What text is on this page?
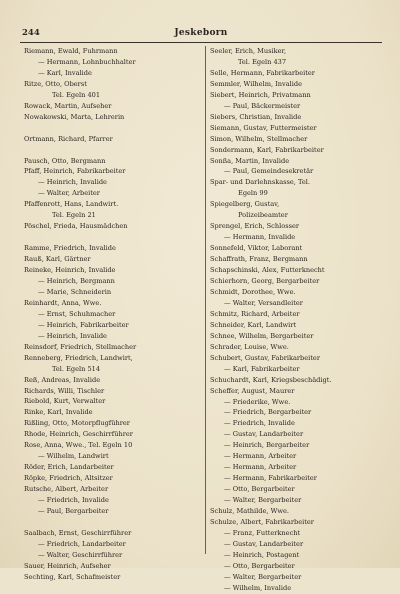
244	Jeskeborn
Riemann, Ewald, Fuhrmann
— Hermann, Lohnbuchhalter
— Karl, Invalide
Ritze, Otto, Oberst
Tel. Egeln 401
Rowack, Martin, Aufseher
Nowakowski, Marta, Lehrerin
Ortmann, Richard, Pfarrer
Pausch, Otto, Bergmann
Pfaff, Heinrich, Fabrikarbeiter
— Heinrich, Invalide
— Walter, Arbeiter
Pfaffenrott, Hans, Landwirt.
Tel. Egeln 21
Pöschel, Frieda, Hausmädchen
Ramme, Friedrich, Invalide
Rauß, Karl, Gärtner
Reineke, Heinrich, Invalide
— Heinrich, Bergmann
— Marie, Schneiderin
Reinhardt, Anna, Wwe.
— Ernst, Schuhmacher
— Heinrich, Fabrikarbeiter
— Heinrich, Invalide
Reinsdorf, Friedrich, Stellmacher
Renneberg, Friedrich, Landwirt,
Tel. Egeln 514
Reß, Andreas, Invalide
Richards, Willi, Tischler
Riebold, Kurt, Verwalter
Rinke, Karl, Invalide
Rißling, Otto, Motorpflugführer
Rhode, Heinrich, Geschirrführer
Rose, Anna, Wwe., Tel. Egeln 10
— Wilhelm, Landwirt
Röder, Erich, Landarbeiter
Röpke, Friedrich, Altsitzer
Rutsche, Albert, Arbeiter
— Friedrich, Invalide
— Paul, Bergarbeiter
Saalbach, Ernst, Geschirrführer
— Friedrich, Landarbeiter
— Walter, Geschirrführer
Sauer, Heinrich, Aufseher
Sechting, Karl, Schafmeister
Seeler, Erich, Musiker,
Tel. Egeln 437
Selle, Hermann, Fabrikarbeiter
Semmler, Wilhelm, Invalide
Siebert, Heinrich, Privatmann
— Paul, Bäckermeister
Siebers, Christian, Invalide
Siemann, Gustav, Futtermeister
Simon, Wilhelm, Stellmacher
Sondermann, Karl, Fabrikarbeiter
Sonßa, Martin, Invalide
— Paul, Gemeindesekretär
Spar- und Darlehnskasse, Tel.
Egeln 99
Spiegelberg, Gustav,
Polizeibeamter
Sprengel, Erich, Schlosser
— Hermann, Invalide
Sonnefeld, Viktor, Laborant
Schaffrath, Franz, Bergmann
Schapschinski, Alex, Futterknecht
Schierhorn, Georg, Bergarbeiter
Schmidt, Dorothee, Wwe.
— Walter, Versandleiter
Schmitz, Richard, Arbeiter
Schneider, Karl, Landwirt
Schnee, Wilhelm, Bergarbeiter
Schrader, Louise, Wwe.
Schubert, Gustav, Fabrikarbeiter
— Karl, Fabrikarbeiter
Schuchardt, Karl, Kriegsbeschädigt.
Scheffer, August, Maurer
— Friederike, Wwe.
— Friedrich, Bergarbeiter
— Friedrich, Invalide
— Gustav, Landarbeiter
— Heinrich, Bergarbeiter
— Hermann, Arbeiter
— Hermann, Arbeiter
— Hermann, Fabrikarbeiter
— Otto, Bergarbeiter
— Walter, Bergarbeiter
Schulz, Mathilde, Wwe.
Schulze, Albert, Fabrikarbeiter
— Franz, Futterknecht
— Gustav, Landarbeiter
— Heinrich, Postagent
— Otto, Bergarbeiter
— Walter, Bergarbeiter
— Wilhelm, Invalide
